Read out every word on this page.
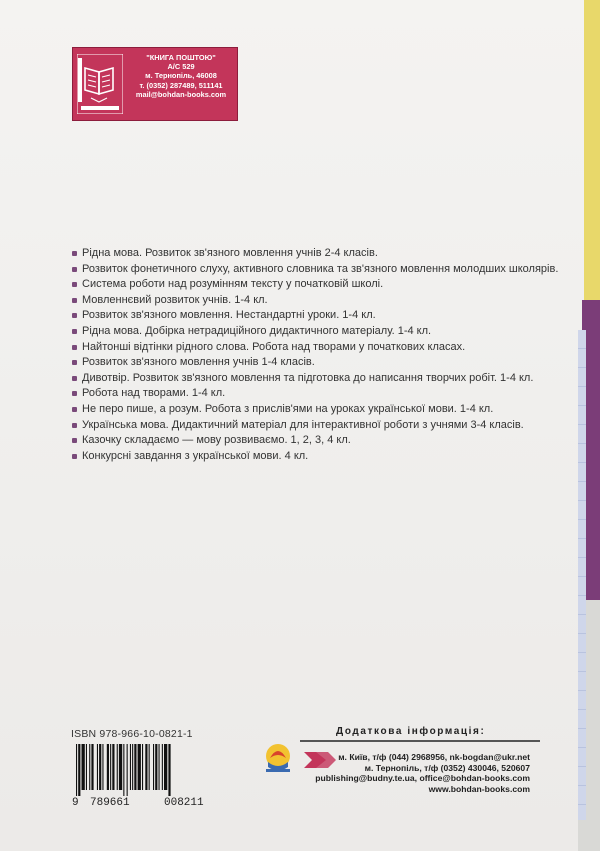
"КНИГА ПОШТОЮ"
А/С 529
м. Тернопіль, 46008
т. (0352) 287489, 511141
mail@bohdan-books.com
Рідна мова. Розвиток зв'язного мовлення учнів 2-4 класів.
Розвиток фонетичного слуху, активного словника та зв'язного мовлення молодших школярів.
Система роботи над розумінням тексту у початковій школі.
Мовленнєвий розвиток учнів. 1-4 кл.
Розвиток зв'язного мовлення. Нестандартні уроки. 1-4 кл.
Рідна мова. Добірка нетрадиційного дидактичного матеріалу. 1-4 кл.
Найтонші відтінки рідного слова. Робота над творами у початкових класах.
Розвиток зв'язного мовлення учнів 1-4 класів.
Дивотвір. Розвиток зв'язного мовлення та підготовка до написання творчих робіт. 1-4 кл.
Робота над творами. 1-4 кл.
Не перо пише, а розум. Робота з прислів'ями на уроках української мови. 1-4 кл.
Українська мова. Дидактичний матеріал для інтерактивної роботи з учнями 3-4 класів.
Казочку складаємо — мову розвиваємо. 1, 2, 3, 4 кл.
Конкурсні завдання з української мови. 4 кл.
ISBN 978-966-10-0821-1
9 789661	008211
Додаткова інформація:
м. Київ, т/ф (044) 2968956, nk-bogdan@ukr.net
м. Тернопіль, т/ф (0352) 430046, 520607
publishing@budny.te.ua, office@bohdan-books.com
www.bohdan-books.com
